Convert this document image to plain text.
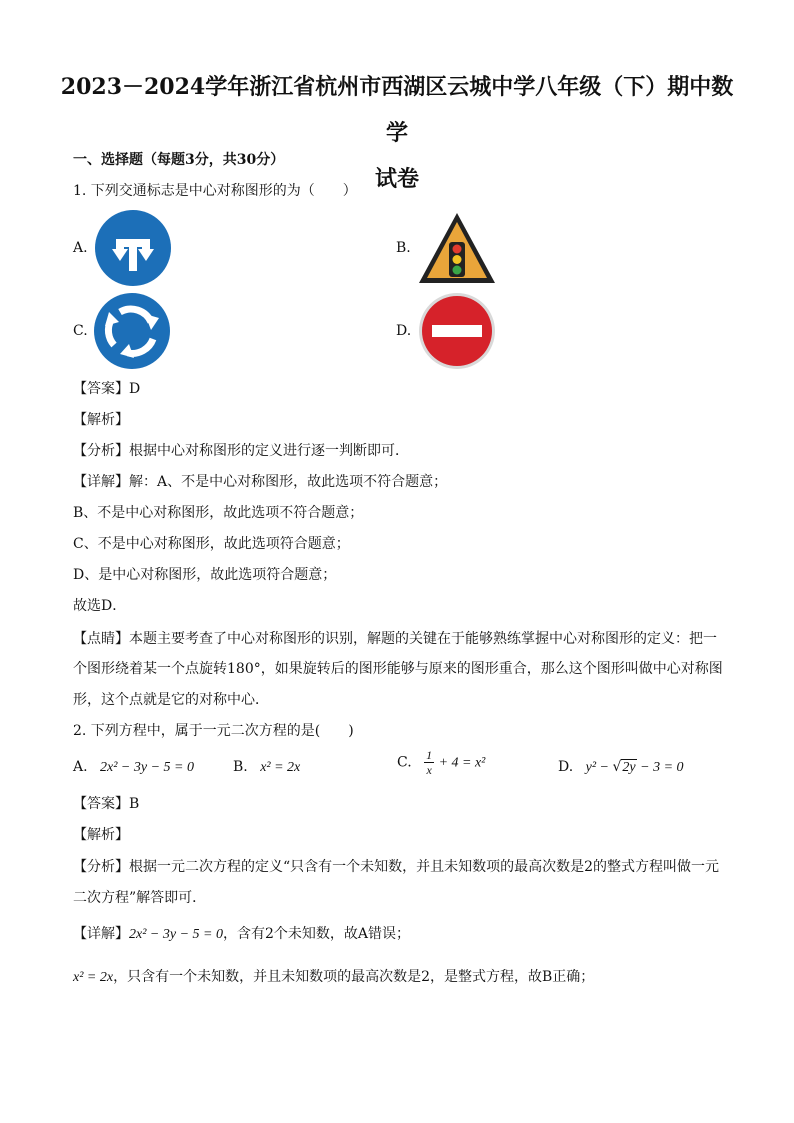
2023－2024学年浙江省杭州市西湖区云城中学八年级（下）期中数学
试卷
一、选择题（每题3分，共30分）
1. 下列交通标志是中心对称图形的为（　　）
A.	B.
C.	D.
【答案】D
【解析】
【分析】根据中心对称图形的定义进行逐一判断即可．
【详解】解：A、不是中心对称图形，故此选项不符合题意；
B、不是中心对称图形，故此选项不符合题意；
C、不是中心对称图形，故此选项符合题意；
D、是中心对称图形，故此选项符合题意；
故选D．
【点睛】本题主要考查了中心对称图形的识别，解题的关键在于能够熟练掌握中心对称图形的定义：把一
个图形绕着某一个点旋转180°，如果旋转后的图形能够与原来的图形重合，那么这个图形叫做中心对称图
形，这个点就是它的对称中心．
2. 下列方程中，属于一元二次方程的是(　　)
A. 2x² − 3y − 5 = 0	B. x² = 2x	C. $\frac{1}{x} + 4 = x^2$	D. y² − √2y − 3 = 0
【答案】B
【解析】
【分析】根据一元二次方程的定义“只含有一个未知数，并且未知数项的最高次数是2的整式方程叫做一元
二次方程”解答即可．
【详解】2x² − 3y − 5 = 0，含有2个未知数，故A错误；
x² = 2x，只含有一个未知数，并且未知数项的最高次数是2，是整式方程，故B正确；
